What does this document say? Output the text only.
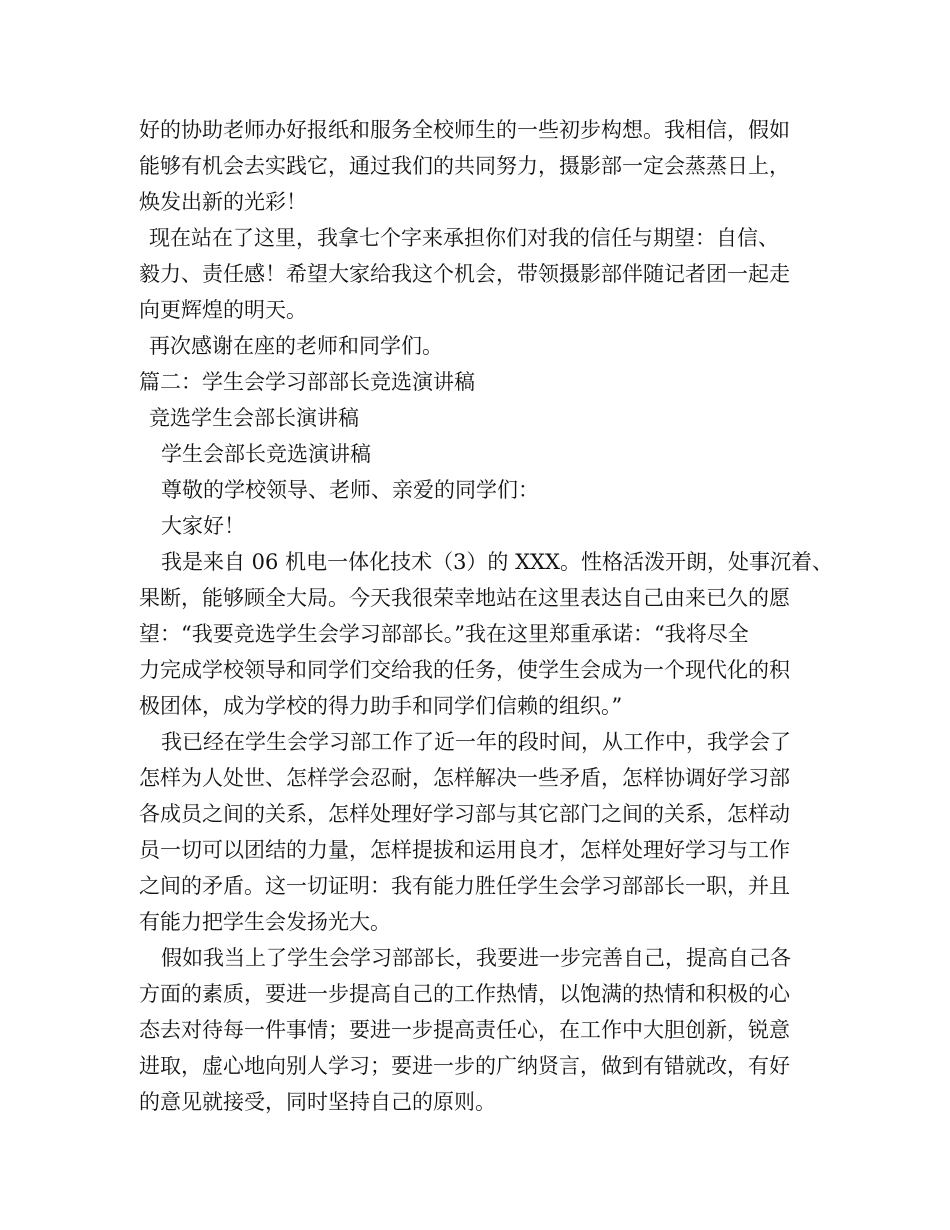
好的协助老师办好报纸和服务全校师生的一些初步构想。我相信，假如
能够有机会去实践它，通过我们的共同努力，摄影部一定会蒸蒸日上，
焕发出新的光彩！
现在站在了这里，我拿七个字来承担你们对我的信任与期望：自信、
毅力、责任感！希望大家给我这个机会，带领摄影部伴随记者团一起走
向更辉煌的明天。
再次感谢在座的老师和同学们。
篇二：学生会学习部部长竞选演讲稿
竞选学生会部长演讲稿
学生会部长竞选演讲稿
尊敬的学校领导、老师、亲爱的同学们：
大家好！
我是来自 06 机电一体化技术（3）的 XXX。性格活泼开朗，处事沉着、
果断，能够顾全大局。今天我很荣幸地站在这里表达自己由来已久的愿
望：“我要竞选学生会学习部部长。”我在这里郑重承诺：“我将尽全
力完成学校领导和同学们交给我的任务，使学生会成为一个现代化的积
极团体，成为学校的得力助手和同学们信赖的组织。”
我已经在学生会学习部工作了近一年的段时间，从工作中，我学会了
怎样为人处世、怎样学会忍耐，怎样解决一些矛盾，怎样协调好学习部
各成员之间的关系，怎样处理好学习部与其它部门之间的关系，怎样动
员一切可以团结的力量，怎样提拔和运用良才，怎样处理好学习与工作
之间的矛盾。这一切证明：我有能力胜任学生会学习部部长一职，并且
有能力把学生会发扬光大。
假如我当上了学生会学习部部长，我要进一步完善自己，提高自己各
方面的素质，要进一步提高自己的工作热情，以饱满的热情和积极的心
态去对待每一件事情；要进一步提高责任心，在工作中大胆创新，锐意
进取，虚心地向别人学习；要进一步的广纳贤言，做到有错就改，有好
的意见就接受，同时坚持自己的原则。
